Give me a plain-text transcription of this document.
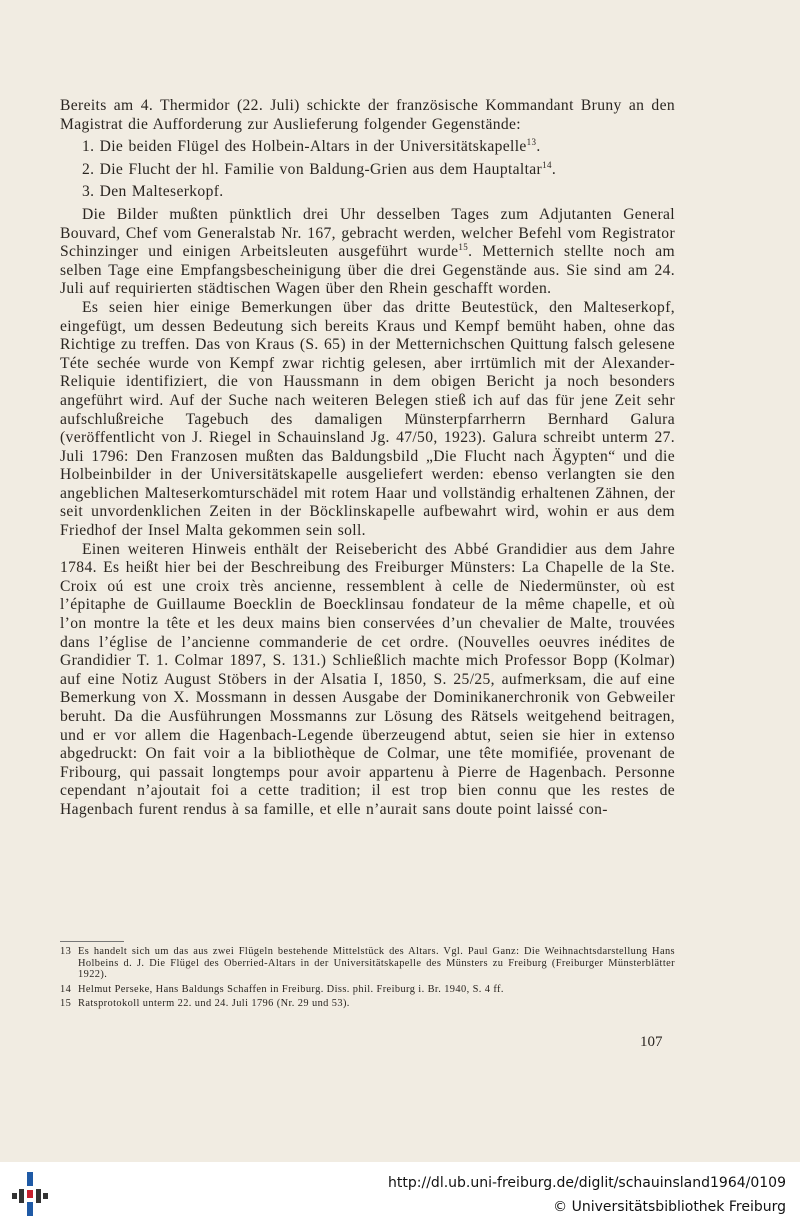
Bereits am 4. Thermidor (22. Juli) schickte der französische Kommandant Bruny an den Magistrat die Aufforderung zur Auslieferung folgender Gegenstände:

1. Die beiden Flügel des Holbein-Altars in der Universitätskapelle$^{13}$.
2. Die Flucht der hl. Familie von Baldung-Grien aus dem Hauptaltar$^{14}$.
3. Den Malteserkopf.

Die Bilder mußten pünktlich drei Uhr desselben Tages zum Adjutanten General Bouvard, Chef vom Generalstab Nr. 167, gebracht werden, welcher Befehl vom Registrator Schinzinger und einigen Arbeitsleuten ausgeführt wurde$^{15}$. Metternich stellte noch am selben Tage eine Empfangsbescheinigung über die drei Gegenstände aus. Sie sind am 24. Juli auf requirierten städtischen Wagen über den Rhein geschafft worden.

Es seien hier einige Bemerkungen über das dritte Beutestück, den Malteserkopf, eingefügt, um dessen Bedeutung sich bereits Kraus und Kempf bemüht haben, ohne das Richtige zu treffen. Das von Kraus (S. 65) in der Metternichschen Quittung falsch gelesene Téte sechée wurde von Kempf zwar richtig gelesen, aber irrtümlich mit der Alexander-Reliquie identifiziert, die von Haussmann in dem obigen Bericht ja noch besonders angeführt wird. Auf der Suche nach weiteren Belegen stieß ich auf das für jene Zeit sehr aufschlußreiche Tagebuch des damaligen Münsterpfarrherrn Bernhard Galura (veröffentlicht von J. Riegel in Schauinsland Jg. 47/50, 1923). Galura schreibt unterm 27. Juli 1796: Den Franzosen mußten das Baldungsbild „Die Flucht nach Ägypten“ und die Holbeinbilder in der Universitätskapelle ausgeliefert werden: ebenso verlangten sie den angeblichen Malteserkomturschädel mit rotem Haar und vollständig erhaltenen Zähnen, der seit unvordenklichen Zeiten in der Böcklinskapelle aufbewahrt wird, wohin er aus dem Friedhof der Insel Malta gekommen sein soll.

Einen weiteren Hinweis enthält der Reisebericht des Abbé Grandidier aus dem Jahre 1784. Es heißt hier bei der Beschreibung des Freiburger Münsters: La Chapelle de la Ste. Croix oú est une croix très ancienne, ressemblent à celle de Niedermünster, où est l’épitaphe de Guillaume Boecklin de Boecklinsau fondateur de la même chapelle, et où l’on montre la tête et les deux mains bien conservées d’un chevalier de Malte, trouvées dans l’église de l’ancienne commanderie de cet ordre. (Nouvelles oeuvres inédites de Grandidier T. 1. Colmar 1897, S. 131.) Schließlich machte mich Professor Bopp (Kolmar) auf eine Notiz August Stöbers in der Alsatia I, 1850, S. 25/25, aufmerksam, die auf eine Bemerkung von X. Mossmann in dessen Ausgabe der Dominikanerchronik von Gebweiler beruht. Da die Ausführungen Mossmanns zur Lösung des Rätsels weitgehend beitragen, und er vor allem die Hagenbach-Legende überzeugend abtut, seien sie hier in extenso abgedruckt: On fait voir a la bibliothèque de Colmar, une tête momifiée, provenant de Fribourg, qui passait longtemps pour avoir appartenu à Pierre de Hagenbach. Personne cependant n’ajoutait foi a cette tradition; il est trop bien connu que les restes de Hagenbach furent rendus à sa famille, et elle n’aurait sans doute point laissé con-

13 Es handelt sich um das aus zwei Flügeln bestehende Mittelstück des Altars. Vgl. Paul Ganz: Die Weihnachtsdarstellung Hans Holbeins d. J. Die Flügel des Oberried-Altars in der Universitätskapelle des Münsters zu Freiburg (Freiburger Münsterblätter 1922).
14 Helmut Perseke, Hans Baldungs Schaffen in Freiburg. Diss. phil. Freiburg i. Br. 1940, S. 4 ff.
15 Ratsprotokoll unterm 22. und 24. Juli 1796 (Nr. 29 und 53).
107
http://dl.ub.uni-freiburg.de/diglit/schauinsland1964/0109
© Universitätsbibliothek Freiburg
